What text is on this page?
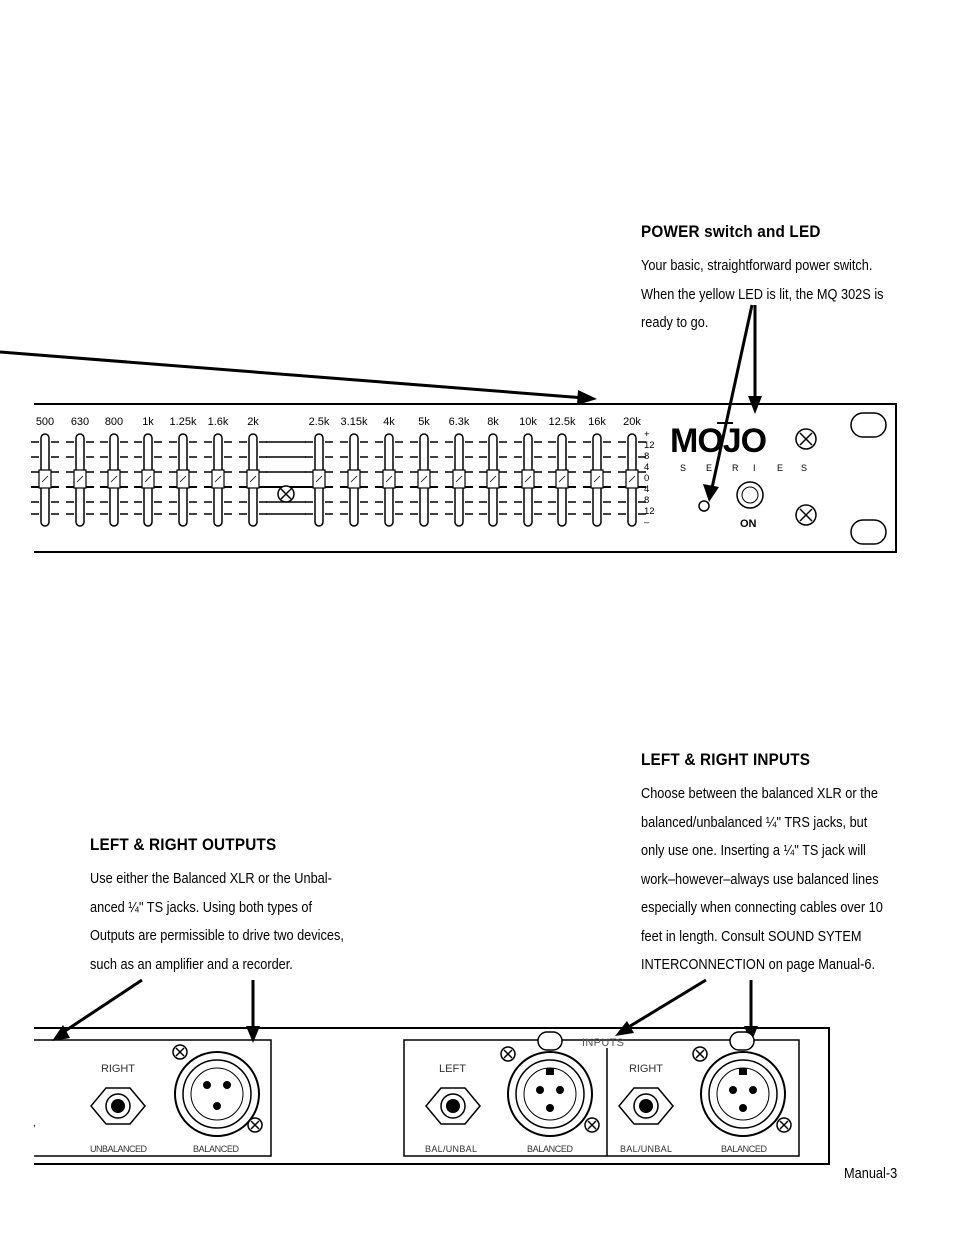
POWER switch and LED
Your basic, straightforward power switch.
When the yellow LED is lit, the MQ 302S is
ready to go.
500 630 800 1k 1.25k 1.6k 2k	2.5k 3.15k 4k 5k 6.3k 8k 10k 12.5k 16k 20k
+
12
8
4
0
4
8
12
–
MOJO
S E R I E S
ON
LEFT & RIGHT INPUTS
Choose between the balanced XLR or the
balanced/unbalanced ¼" TRS jacks, but
only use one. Inserting a ¼" TS jack will
work–however–always use balanced lines
especially when connecting cables over 10
feet in length. Consult SOUND SYTEM
INTERCONNECTION on page Manual-6.
LEFT & RIGHT OUTPUTS
Use either the Balanced XLR or the Unbal-
anced ¼" TS jacks. Using both types of
Outputs are permissible to drive two devices,
such as an amplifier and a recorder.
,
RIGHT
UNBALANCED	BALANCED
INPUTS
LEFT
BAL/UNBAL	BALANCED
RIGHT
BAL/UNBAL	BALANCED
Manual-3
